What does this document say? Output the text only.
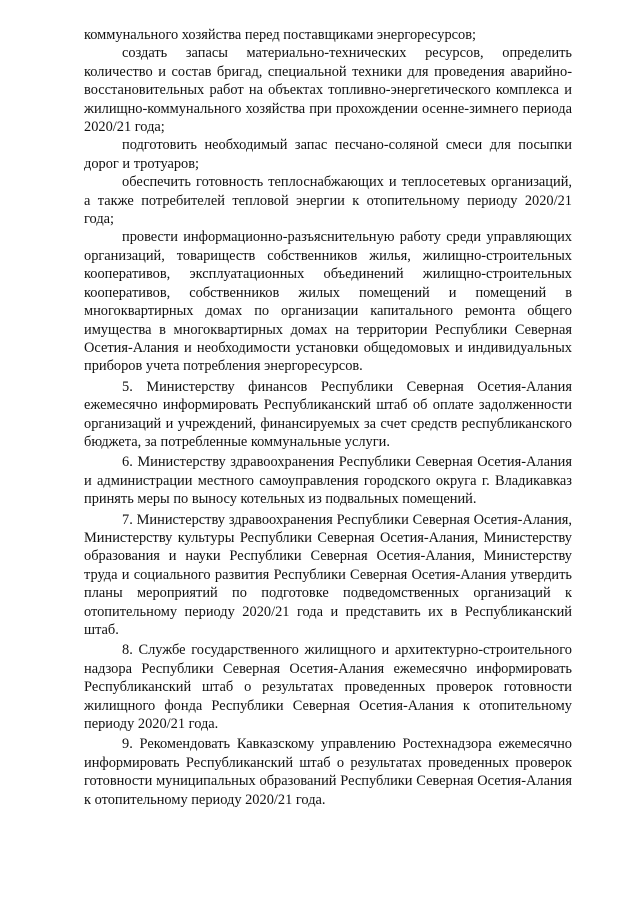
коммунального хозяйства перед поставщиками энергоресурсов;

создать запасы материально-технических ресурсов, определить количество и состав бригад, специальной техники для проведения аварийно-восстановительных работ на объектах топливно-энергетического комплекса и жилищно-коммунального хозяйства при прохождении осенне-зимнего периода 2020/21 года;

подготовить необходимый запас песчано-соляной смеси для посыпки дорог и тротуаров;

обеспечить готовность теплоснабжающих и теплосетевых организаций, а также потребителей тепловой энергии к отопительному периоду 2020/21 года;

провести информационно-разъяснительную работу среди управляющих организаций, товариществ собственников жилья, жилищно-строительных кооперативов, эксплуатационных объединений жилищно-строительных кооперативов, собственников жилых помещений и помещений в многоквартирных домах по организации капитального ремонта общего имущества в многоквартирных домах на территории Республики Северная Осетия-Алания и необходимости установки общедомовых и индивидуальных приборов учета потребления энергоресурсов.

5. Министерству финансов Республики Северная Осетия-Алания ежемесячно информировать Республиканский штаб об оплате задолженности организаций и учреждений, финансируемых за счет средств республиканского бюджета, за потребленные коммунальные услуги.

6. Министерству здравоохранения Республики Северная Осетия-Алания и администрации местного самоуправления городского округа г. Владикавказ принять меры по выносу котельных из подвальных помещений.

7. Министерству здравоохранения Республики Северная Осетия-Алания, Министерству культуры Республики Северная Осетия-Алания, Министерству образования и науки Республики Северная Осетия-Алания, Министерству труда и социального развития Республики Северная Осетия-Алания утвердить планы мероприятий по подготовке подведомственных организаций к отопительному периоду 2020/21 года и представить их в Республиканский штаб.

8. Службе государственного жилищного и архитектурно-строительного надзора Республики Северная Осетия-Алания ежемесячно информировать Республиканский штаб о результатах проведенных проверок готовности жилищного фонда Республики Северная Осетия-Алания к отопительному периоду 2020/21 года.

9. Рекомендовать Кавказскому управлению Ростехнадзора ежемесячно информировать Республиканский штаб о результатах проведенных проверок готовности муниципальных образований Республики Северная Осетия-Алания к отопительному периоду 2020/21 года.
